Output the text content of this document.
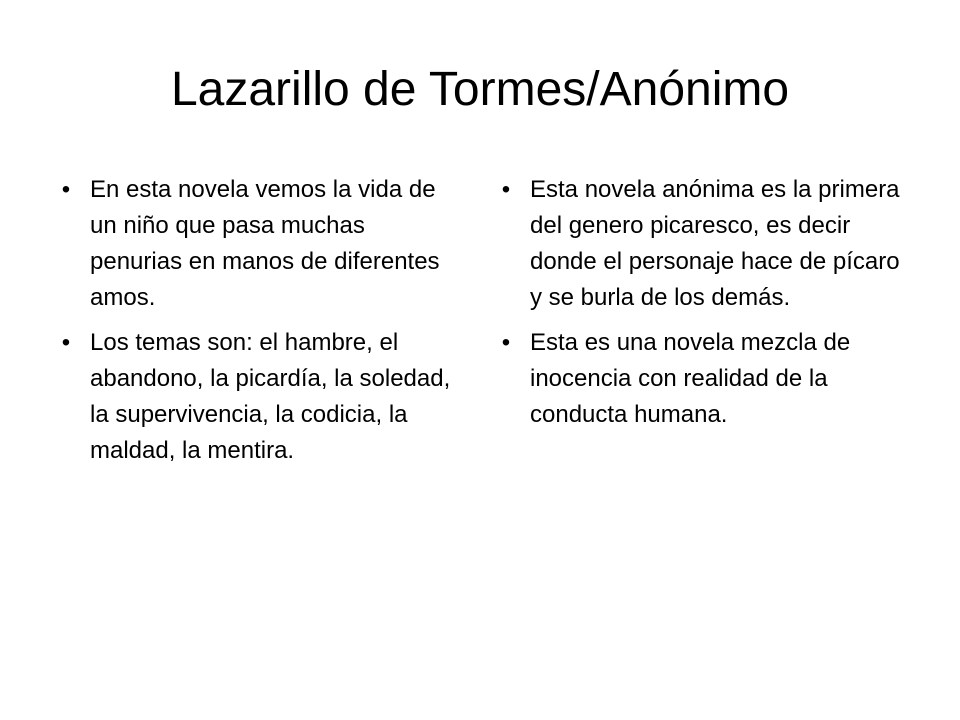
Lazarillo de Tormes/Anónimo
• En esta novela vemos la vida de un niño que pasa muchas penurias en manos de diferentes amos.
• Los temas son: el hambre, el abandono, la picardía, la soledad, la supervivencia, la codicia, la maldad, la mentira.
• Esta novela anónima es la primera del genero picaresco, es decir donde el personaje hace de pícaro y se burla de los demás.
• Esta es una novela mezcla de inocencia con realidad de la conducta humana.
